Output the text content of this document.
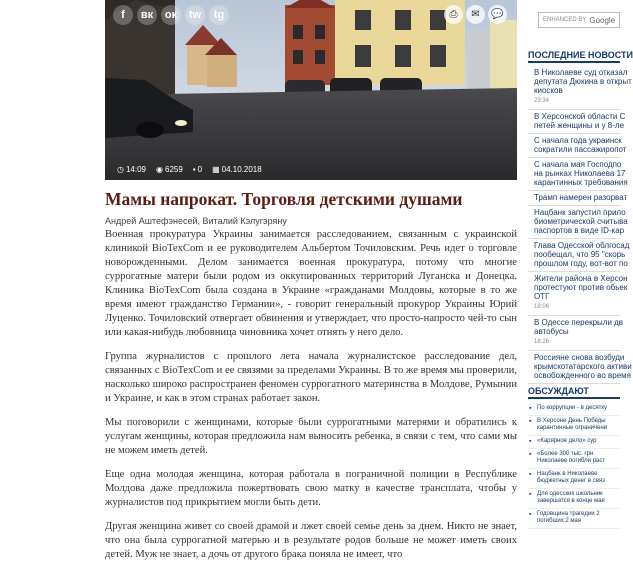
f	вк	ок	tw	tg	⎙	✉	💬
◷ 14:09 ◉ 6259 ▪ 0 ▦ 04.10.2018
Мамы напрокат. Торговля детскими душами
Андрей Аштефэнесей, Виталий Кэлугэряну

Военная прокуратура Украины занимается расследованием, связанным с украинской клиникой BioTexCom и ее руководителем Альбертом Точиловским. Речь идет о торговле новорожденными. Делом занимается военная прокуратура, потому что многие суррогатные матери были родом из оккупированных территорий Луганска и Донецка. Клиника BioTexCom была создана в Украине «гражданами Молдовы, которые в то же время имеют гражданство Германии», - говорит генеральный прокурор Украины Юрий Луценко. Точиловский отвергает обвинения и утверждает, что просто-напросто чей-то сын или какая-нибудь любовница чиновника хочет отнять у него дело.

Группа журналистов с прошлого лета начала журналистское расследование дел, связанных с BioTexCom и ее связями за пределами Украины. В то же время мы проверили, насколько широко распространен феномен суррогатного материнства в Молдове, Румынии и Украине, и как в этом странах работает закон.

Мы поговорили с женщинами, которые были суррогатными матерями и обратились к услугам женщины, которая предложила нам выносить ребенка, в связи с тем, что сами мы не можем иметь детей.

Еще одна молодая женщина, которая работала в пограничной полиции в Республике Молдова даже предложила пожертвовать свою матку в качестве трансплата, чтобы у журналистов под прикрытием могли быть дети.

Другая женщина живет со своей драмой и лжет своей семье день за днем. Никто не знает, что она была суррогатной матерью и в результате родов больше не может иметь своих детей. Муж не знает, а дочь от другого брака поняла не имеет, что

ENHANCED BY Google
ПОСЛЕДНИЕ НОВОСТИ
В Николаеве суд отказал
депутата Дюкина в открыт
киосков
23:34
В Херсонской области С
петей женщины и у 8-ле
С начала года украинск
сократили пассажиропот
С начала мая Господпо
на рынках Николаева 17
карантинных требования
Трамп намерен разорват
Нацбанк запустил прило
биометрической считыва
паспортов в виде ID-кар
Глава Одесской облгосад
пообещал, что 95 "скорь
прошлом году, вот-вот по
Жители района в Херсон
протестуют против обьек
ОТГ
18:06
В Одессе перекрыли дв
автобусы
18:26
Россияне снова возбуди
крымскотатарского активи
освобожденного во время
ОБСУЖДАЮТ
▪ По коррупции - в десятку
▪ В Херсоне День Победы
карантинные ограничени
▪ «Карярное дело» сур
▪ «Более 300 тыс. грн
Николаеве погибли раст
▪ Нацбанк в Николаеве
бюджетных денег в связ
▪ Для одесских школьник
завершатся в конце мая
▪ Годовщина трагедии 2
погибших 2 мая
